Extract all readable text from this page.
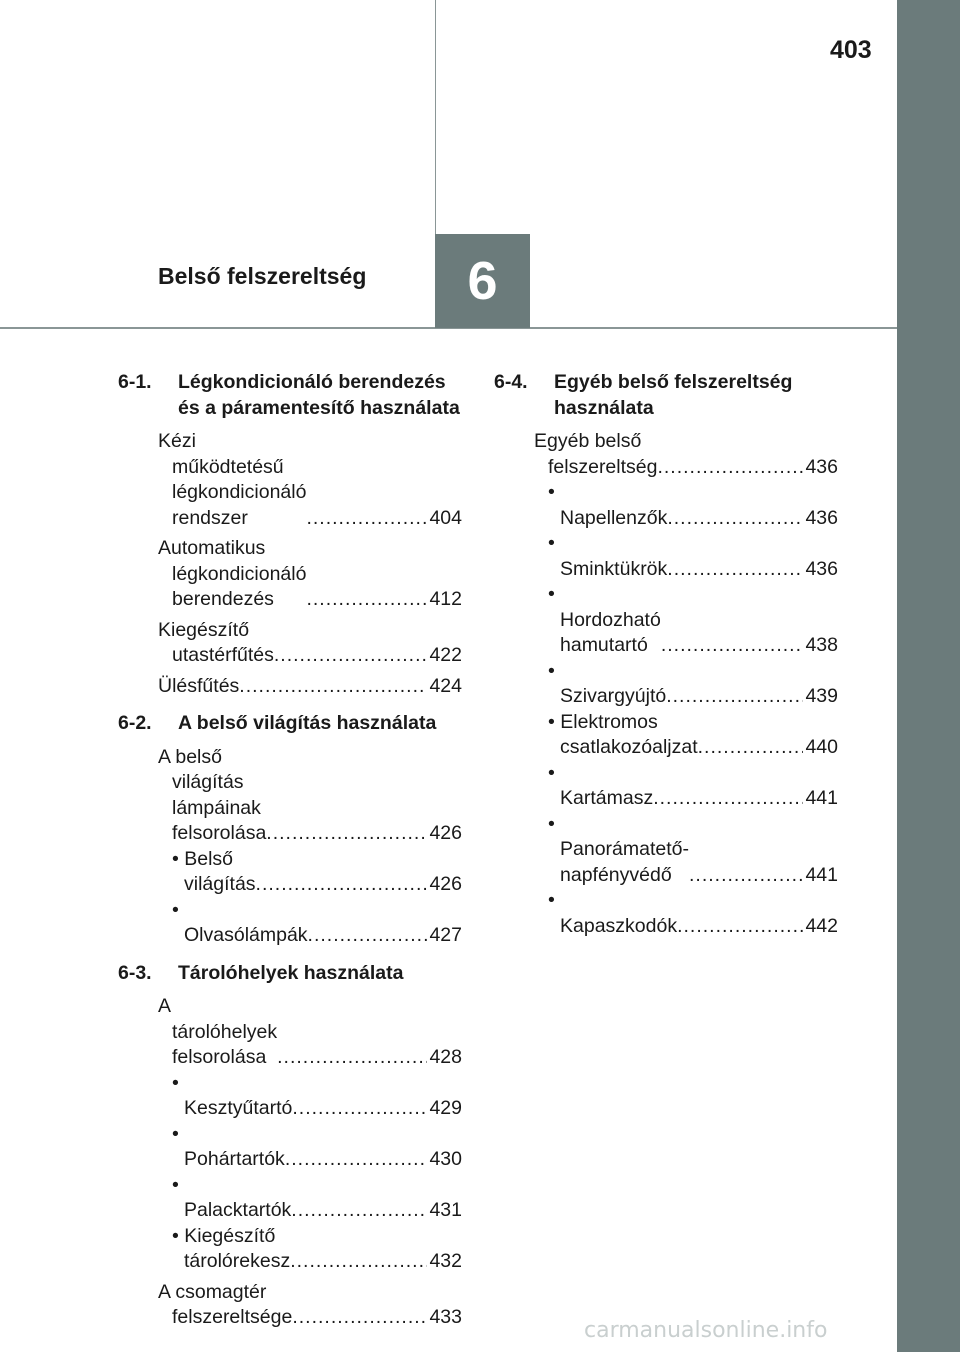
403
Belső felszereltség	6
6-1. Légkondicionáló berendezés és a páramentesítő használata
Kézi működtetésű légkondicionáló rendszer .....	404
Automatikus légkondicionáló berendezés .....	412
Kiegészítő utastérfűtés .....	422
Ülésfűtés .....	424
6-2. A belső világítás használata
A belső világítás lámpáinak felsorolása .....	426
• Belső világítás .....	426
• Olvasólámpák .....	427
6-3. Tárolóhelyek használata
A tárolóhelyek felsorolása .....	428
• Kesztyűtartó .....	429
• Pohártartók .....	430
• Palacktartók .....	431
• Kiegészítő tárolórekesz .....	432
A csomagtér felszereltsége .....	433
6-4. Egyéb belső felszereltség használata
Egyéb belső felszereltség .....	436
• Napellenzők .....	436
• Sminktükrök .....	436
• Hordozható hamutartó .....	438
• Szivargyújtó .....	439
• Elektromos csatlakozóaljzat .....	440
• Kartámasz .....	441
• Panorámatető-napfényvédő .....	441
• Kapaszkodók .....	442
carmanualsonline.info
